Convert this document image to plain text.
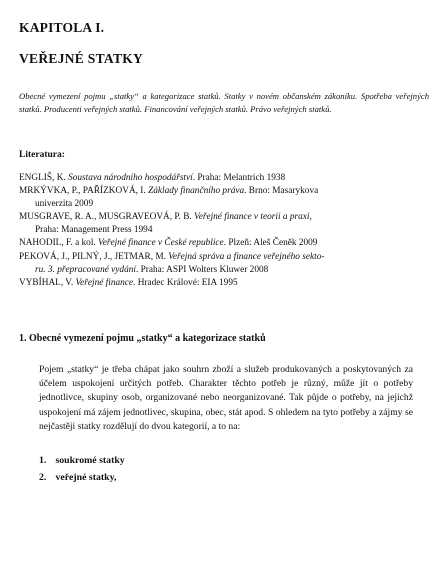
KAPITOLA I.
VEŘEJNÉ STATKY
Obecné vymezení pojmu „statky“ a kategorizace statků. Statky v novém občanském zákoníku. Spotřeba veřejných statků. Producenti veřejných statků. Financování veřejných statků. Právo veřejných statků.
Literatura:

ENGLIŠ, K. Soustava národního hospodářství. Praha: Melantrich 1938

MRKÝVKA, P., PAŘÍZKOVÁ, I. Základy finančního práva. Brno: Masarykova
univerzita 2009

MUSGRAVE, R. A., MUSGRAVEOVÁ, P. B. Veřejné finance v teorii a praxi,
Praha: Management Press 1994

NAHODIL, F. a kol. Veřejné finance v České republice. Plzeň: Aleš Čeněk 2009

PEKOVÁ, J., PILNÝ, J., JETMAR, M. Veřejná správa a finance veřejného sekto-
ru. 3. přepracované vydání. Praha: ASPI Wolters Kluwer 2008

VYBÍHAL, V. Veřejné finance. Hradec Králové: EIA 1995

1. Obecné vymezení pojmu „statky“ a kategorizace statků
Pojem „statky“ je třeba chápat jako souhrn zboží a služeb produkovaných a poskytovaných za účelem uspokojení určitých potřeb. Charakter těchto potřeb je různý, může jít o potřeby jednotlivce, skupiny osob, organizované nebo neorganizované. Tak půjde o potřeby, na jejichž uspokojení má zájem jednotlivec, skupina, obec, stát apod. S ohledem na tyto potřeby a zájmy se nejčastěji statky rozdělují do dvou kategorií, a to na:
1. soukromé statky
2. veřejné statky,
